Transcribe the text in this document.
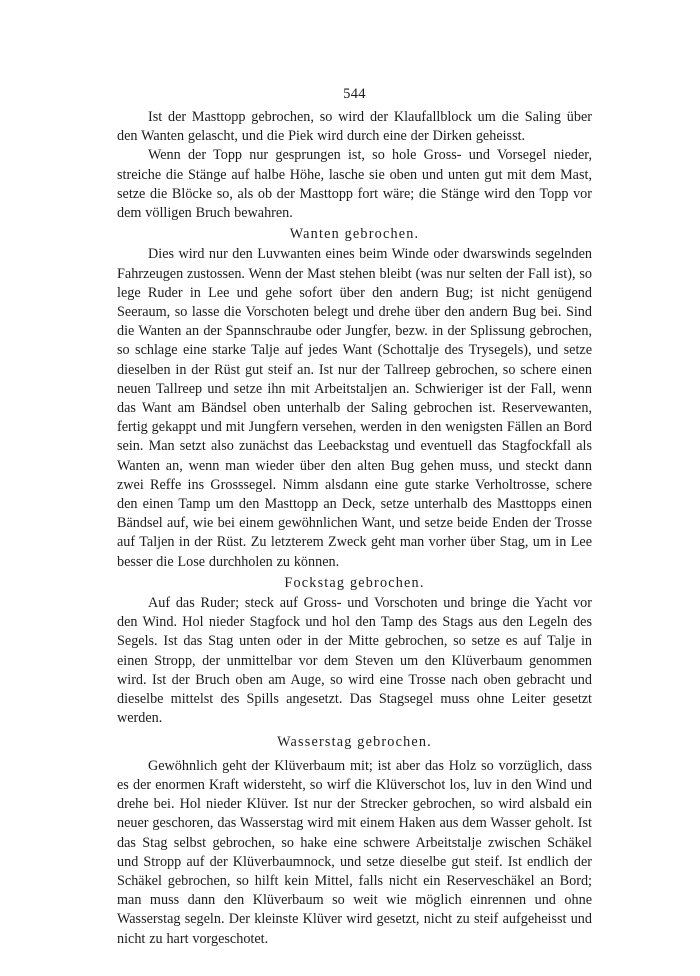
544

Ist der Masttopp gebrochen, so wird der Klaufallblock um die Saling über den Wanten gelascht, und die Piek wird durch eine der Dirken geheisst.

Wenn der Topp nur gesprungen ist, so hole Gross- und Vorsegel nieder, streiche die Stänge auf halbe Höhe, lasche sie oben und unten gut mit dem Mast, setze die Blöcke so, als ob der Masttopp fort wäre; die Stänge wird den Topp vor dem völligen Bruch bewahren.

Wanten gebrochen.

Dies wird nur den Luvwanten eines beim Winde oder dwarswinds segelnden Fahrzeugen zustossen. Wenn der Mast stehen bleibt (was nur selten der Fall ist), so lege Ruder in Lee und gehe sofort über den andern Bug; ist nicht genügend Seeraum, so lasse die Vorschoten belegt und drehe über den andern Bug bei. Sind die Wanten an der Spannschraube oder Jungfer, bezw. in der Splissung gebrochen, so schlage eine starke Talje auf jedes Want (Schottalje des Trysegels), und setze dieselben in der Rüst gut steif an. Ist nur der Tallreep gebrochen, so schere einen neuen Tallreep und setze ihn mit Arbeitstaljen an. Schwieriger ist der Fall, wenn das Want am Bändsel oben unterhalb der Saling gebrochen ist. Reservewanten, fertig gekappt und mit Jungfern versehen, werden in den wenigsten Fällen an Bord sein. Man setzt also zunächst das Leebackstag und eventuell das Stagfockfall als Wanten an, wenn man wieder über den alten Bug gehen muss, und steckt dann zwei Reffe ins Grosssegel. Nimm alsdann eine gute starke Verholtrosse, schere den einen Tamp um den Masttopp an Deck, setze unterhalb des Masttopps einen Bändsel auf, wie bei einem gewöhnlichen Want, und setze beide Enden der Trosse auf Taljen in der Rüst. Zu letzterem Zweck geht man vorher über Stag, um in Lee besser die Lose durchholen zu können.

Fockstag gebrochen.

Auf das Ruder; steck auf Gross- und Vorschoten und bringe die Yacht vor den Wind. Hol nieder Stagfock und hol den Tamp des Stags aus den Legeln des Segels. Ist das Stag unten oder in der Mitte gebrochen, so setze es auf Talje in einen Stropp, der unmittelbar vor dem Steven um den Klüverbaum genommen wird. Ist der Bruch oben am Auge, so wird eine Trosse nach oben gebracht und dieselbe mittelst des Spills angesetzt. Das Stagsegel muss ohne Leiter gesetzt werden.

Wasserstag gebrochen.

Gewöhnlich geht der Klüverbaum mit; ist aber das Holz so vorzüglich, dass es der enormen Kraft widersteht, so wirf die Klüverschot los, luv in den Wind und drehe bei. Hol nieder Klüver. Ist nur der Strecker gebrochen, so wird alsbald ein neuer geschoren, das Wasserstag wird mit einem Haken aus dem Wasser geholt. Ist das Stag selbst gebrochen, so hake eine schwere Arbeitstalje zwischen Schäkel und Stropp auf der Klüverbaumnock, und setze dieselbe gut steif. Ist endlich der Schäkel gebrochen, so hilft kein Mittel, falls nicht ein Reserveschäkel an Bord; man muss dann den Klüverbaum so weit wie möglich einrennen und ohne Wasserstag segeln. Der kleinste Klüver wird gesetzt, nicht zu steif aufgeheisst und nicht zu hart vorgeschotet.
